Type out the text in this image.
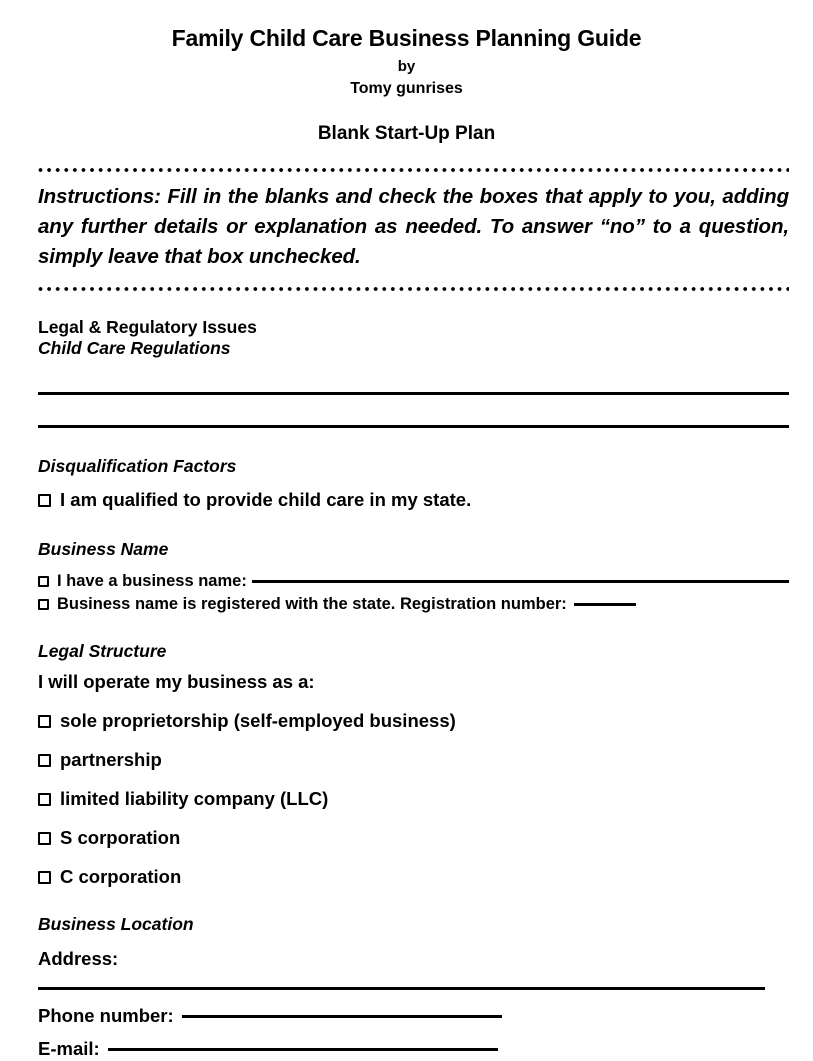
Family Child Care Business Planning Guide
by
Tomy gunrises
Blank Start-Up Plan
Instructions: Fill in the blanks and check the boxes that apply to you, adding any further details or explanation as needed. To answer “no” to a question, simply leave that box unchecked.
Legal & Regulatory Issues
Child Care Regulations
Disqualification Factors
I am qualified to provide child care in my state.
Business Name
I have a business name:
Business name is registered with the state. Registration number:
Legal Structure
I will operate my business as a:
sole proprietorship (self-employed business)
partnership
limited liability company (LLC)
S corporation
C corporation
Business Location
Address:
Phone number:
E-mail:
